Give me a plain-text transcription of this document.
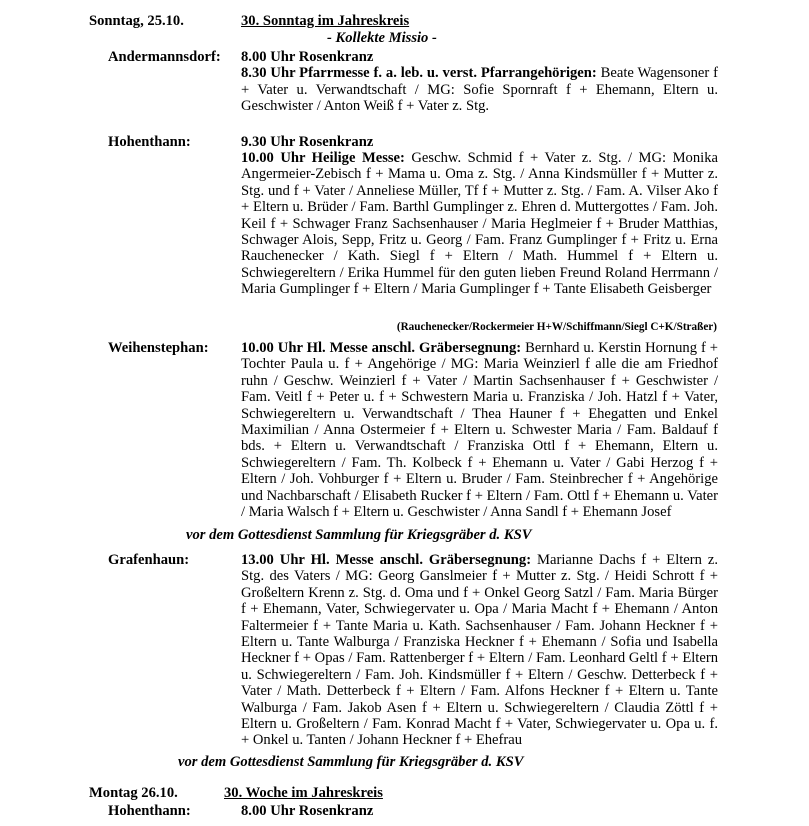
Sonntag, 25.10.	30. Sonntag im Jahreskreis
- Kollekte Missio -
Andermannsdorf: 8.00 Uhr Rosenkranz

8.30 Uhr Pfarrmesse f. a. leb. u. verst. Pfarrangehörigen: Beate Wagensoner f + Vater u. Verwandtschaft / MG: Sofie Spornraft f + Ehemann, Eltern u. Geschwister / Anton Weiß f + Vater z. Stg.

Hohenthann:	9.30 Uhr Rosenkranz

10.00 Uhr Heilige Messe: Geschw. Schmid f + Vater z. Stg. / MG: Monika Angermeier-Zebisch f + Mama u. Oma z. Stg. / Anna Kindsmüller f + Mutter z. Stg. und f + Vater / Anneliese Müller, Tf f + Mutter z. Stg. / Fam. A. Vilser Ako f + Eltern u. Brüder / Fam. Barthl Gumplinger z. Ehren d. Muttergottes / Fam. Joh. Keil f + Schwager Franz Sachsenhauser / Maria Heglmeier f + Bruder Matthias, Schwager Alois, Sepp, Fritz u. Georg / Fam. Franz Gumplinger f + Fritz u. Erna Rauchenecker / Kath. Siegl f + Eltern / Math. Hummel f + Eltern u. Schwiegereltern / Erika Hummel für den guten lieben Freund Roland Herrmann / Maria Gumplinger f + Eltern / Maria Gumplinger f + Tante Elisabeth Geisberger

(Rauchenecker/Rockermeier H+W/Schiffmann/Siegl C+K/Straßer)
Weihenstephan: 10.00 Uhr Hl. Messe anschl. Gräbersegnung: Bernhard u. Kerstin Hornung f + Tochter Paula u. f + Angehörige / MG: Maria Weinzierl f alle die am Friedhof ruhn / Geschw. Weinzierl f + Vater / Martin Sachsenhauser f + Geschwister / Fam. Veitl f + Peter u. f + Schwestern Maria u. Franziska / Joh. Hatzl f + Vater, Schwiegereltern u. Verwandtschaft / Thea Hauner f + Ehegatten und Enkel Maximilian / Anna Ostermeier f + Eltern u. Schwester Maria / Fam. Baldauf f bds. + Eltern u. Verwandtschaft / Franziska Ottl f + Ehemann, Eltern u. Schwiegereltern / Fam. Th. Kolbeck f + Ehemann u. Vater / Gabi Herzog f + Eltern / Joh. Vohburger f + Eltern u. Bruder / Fam. Steinbrecher f + Angehörige und Nachbarschaft / Elisabeth Rucker f + Eltern / Fam. Ottl f + Ehemann u. Vater / Maria Walsch f + Eltern u. Geschwister / Anna Sandl f + Ehemann Josef

vor dem Gottesdienst Sammlung für Kriegsgräber d. KSV
Grafenhaun:	13.00 Uhr Hl. Messe anschl. Gräbersegnung: Marianne Dachs f + Eltern z. Stg. des Vaters / MG: Georg Ganslmeier f + Mutter z. Stg. / Heidi Schrott f + Großeltern Krenn z. Stg. d. Oma und f + Onkel Georg Satzl / Fam. Maria Bürger f + Ehemann, Vater, Schwiegervater u. Opa / Maria Macht f + Ehemann / Anton Faltermeier f + Tante Maria u. Kath. Sachsenhauser / Fam. Johann Heckner f + Eltern u. Tante Walburga / Franziska Heckner f + Ehemann / Sofia und Isabella Heckner f + Opas / Fam. Rattenberger f + Eltern / Fam. Leonhard Geltl f + Eltern u. Schwiegereltern / Fam. Joh. Kindsmüller f + Eltern / Geschw. Detterbeck f + Vater / Math. Detterbeck f + Eltern / Fam. Alfons Heckner f + Eltern u. Tante Walburga / Fam. Jakob Asen f + Eltern u. Schwiegereltern / Claudia Zöttl f + Eltern u. Großeltern / Fam. Konrad Macht f + Vater, Schwiegervater u. Opa u. f. + Onkel u. Tanten / Johann Heckner f + Ehefrau

vor dem Gottesdienst Sammlung für Kriegsgräber d. KSV
Montag 26.10.	30. Woche im Jahreskreis
Hohenthann:	8.00 Uhr Rosenkranz
